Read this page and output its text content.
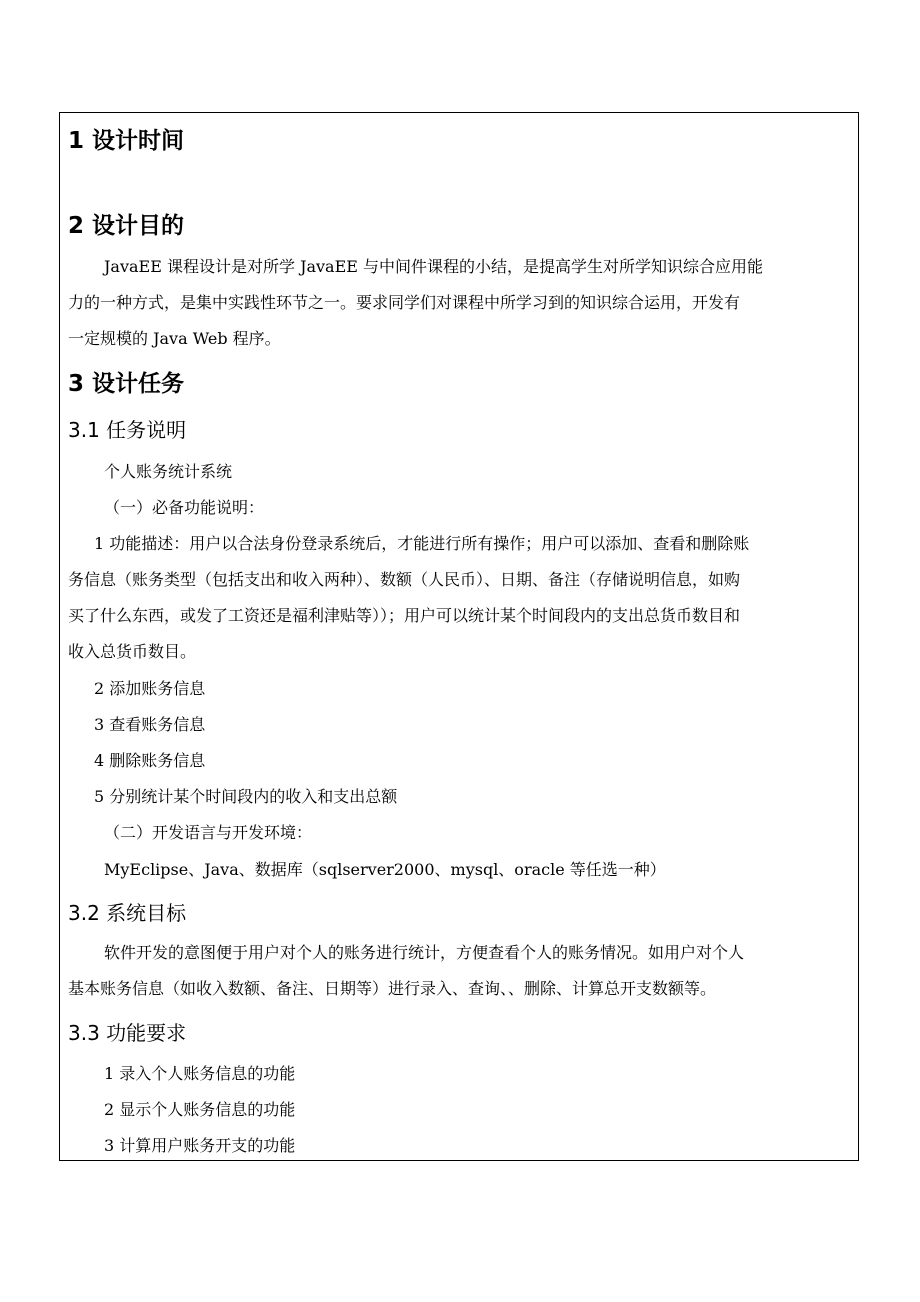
1 设计时间
2 设计目的
JavaEE 课程设计是对所学 JavaEE 与中间件课程的小结，是提高学生对所学知识综合应用能
力的一种方式，是集中实践性环节之一。要求同学们对课程中所学习到的知识综合运用，开发有
一定规模的 Java Web 程序。
3 设计任务
3.1 任务说明
个人账务统计系统
（一）必备功能说明：
1 功能描述：用户以合法身份登录系统后，才能进行所有操作；用户可以添加、查看和删除账
务信息（账务类型（包括支出和收入两种）、数额（人民币）、日期、备注（存储说明信息，如购
买了什么东西，或发了工资还是福利津贴等））；用户可以统计某个时间段内的支出总货币数目和
收入总货币数目。
2 添加账务信息
3 查看账务信息
4 删除账务信息
5 分别统计某个时间段内的收入和支出总额
（二）开发语言与开发环境：
MyEclipse、Java、数据库（sqlserver2000、mysql、oracle 等任选一种）
3.2 系统目标
软件开发的意图便于用户对个人的账务进行统计，方便查看个人的账务情况。如用户对个人
基本账务信息（如收入数额、备注、日期等）进行录入、查询、、删除、计算总开支数额等。
3.3 功能要求
1 录入个人账务信息的功能
2 显示个人账务信息的功能
3 计算用户账务开支的功能
